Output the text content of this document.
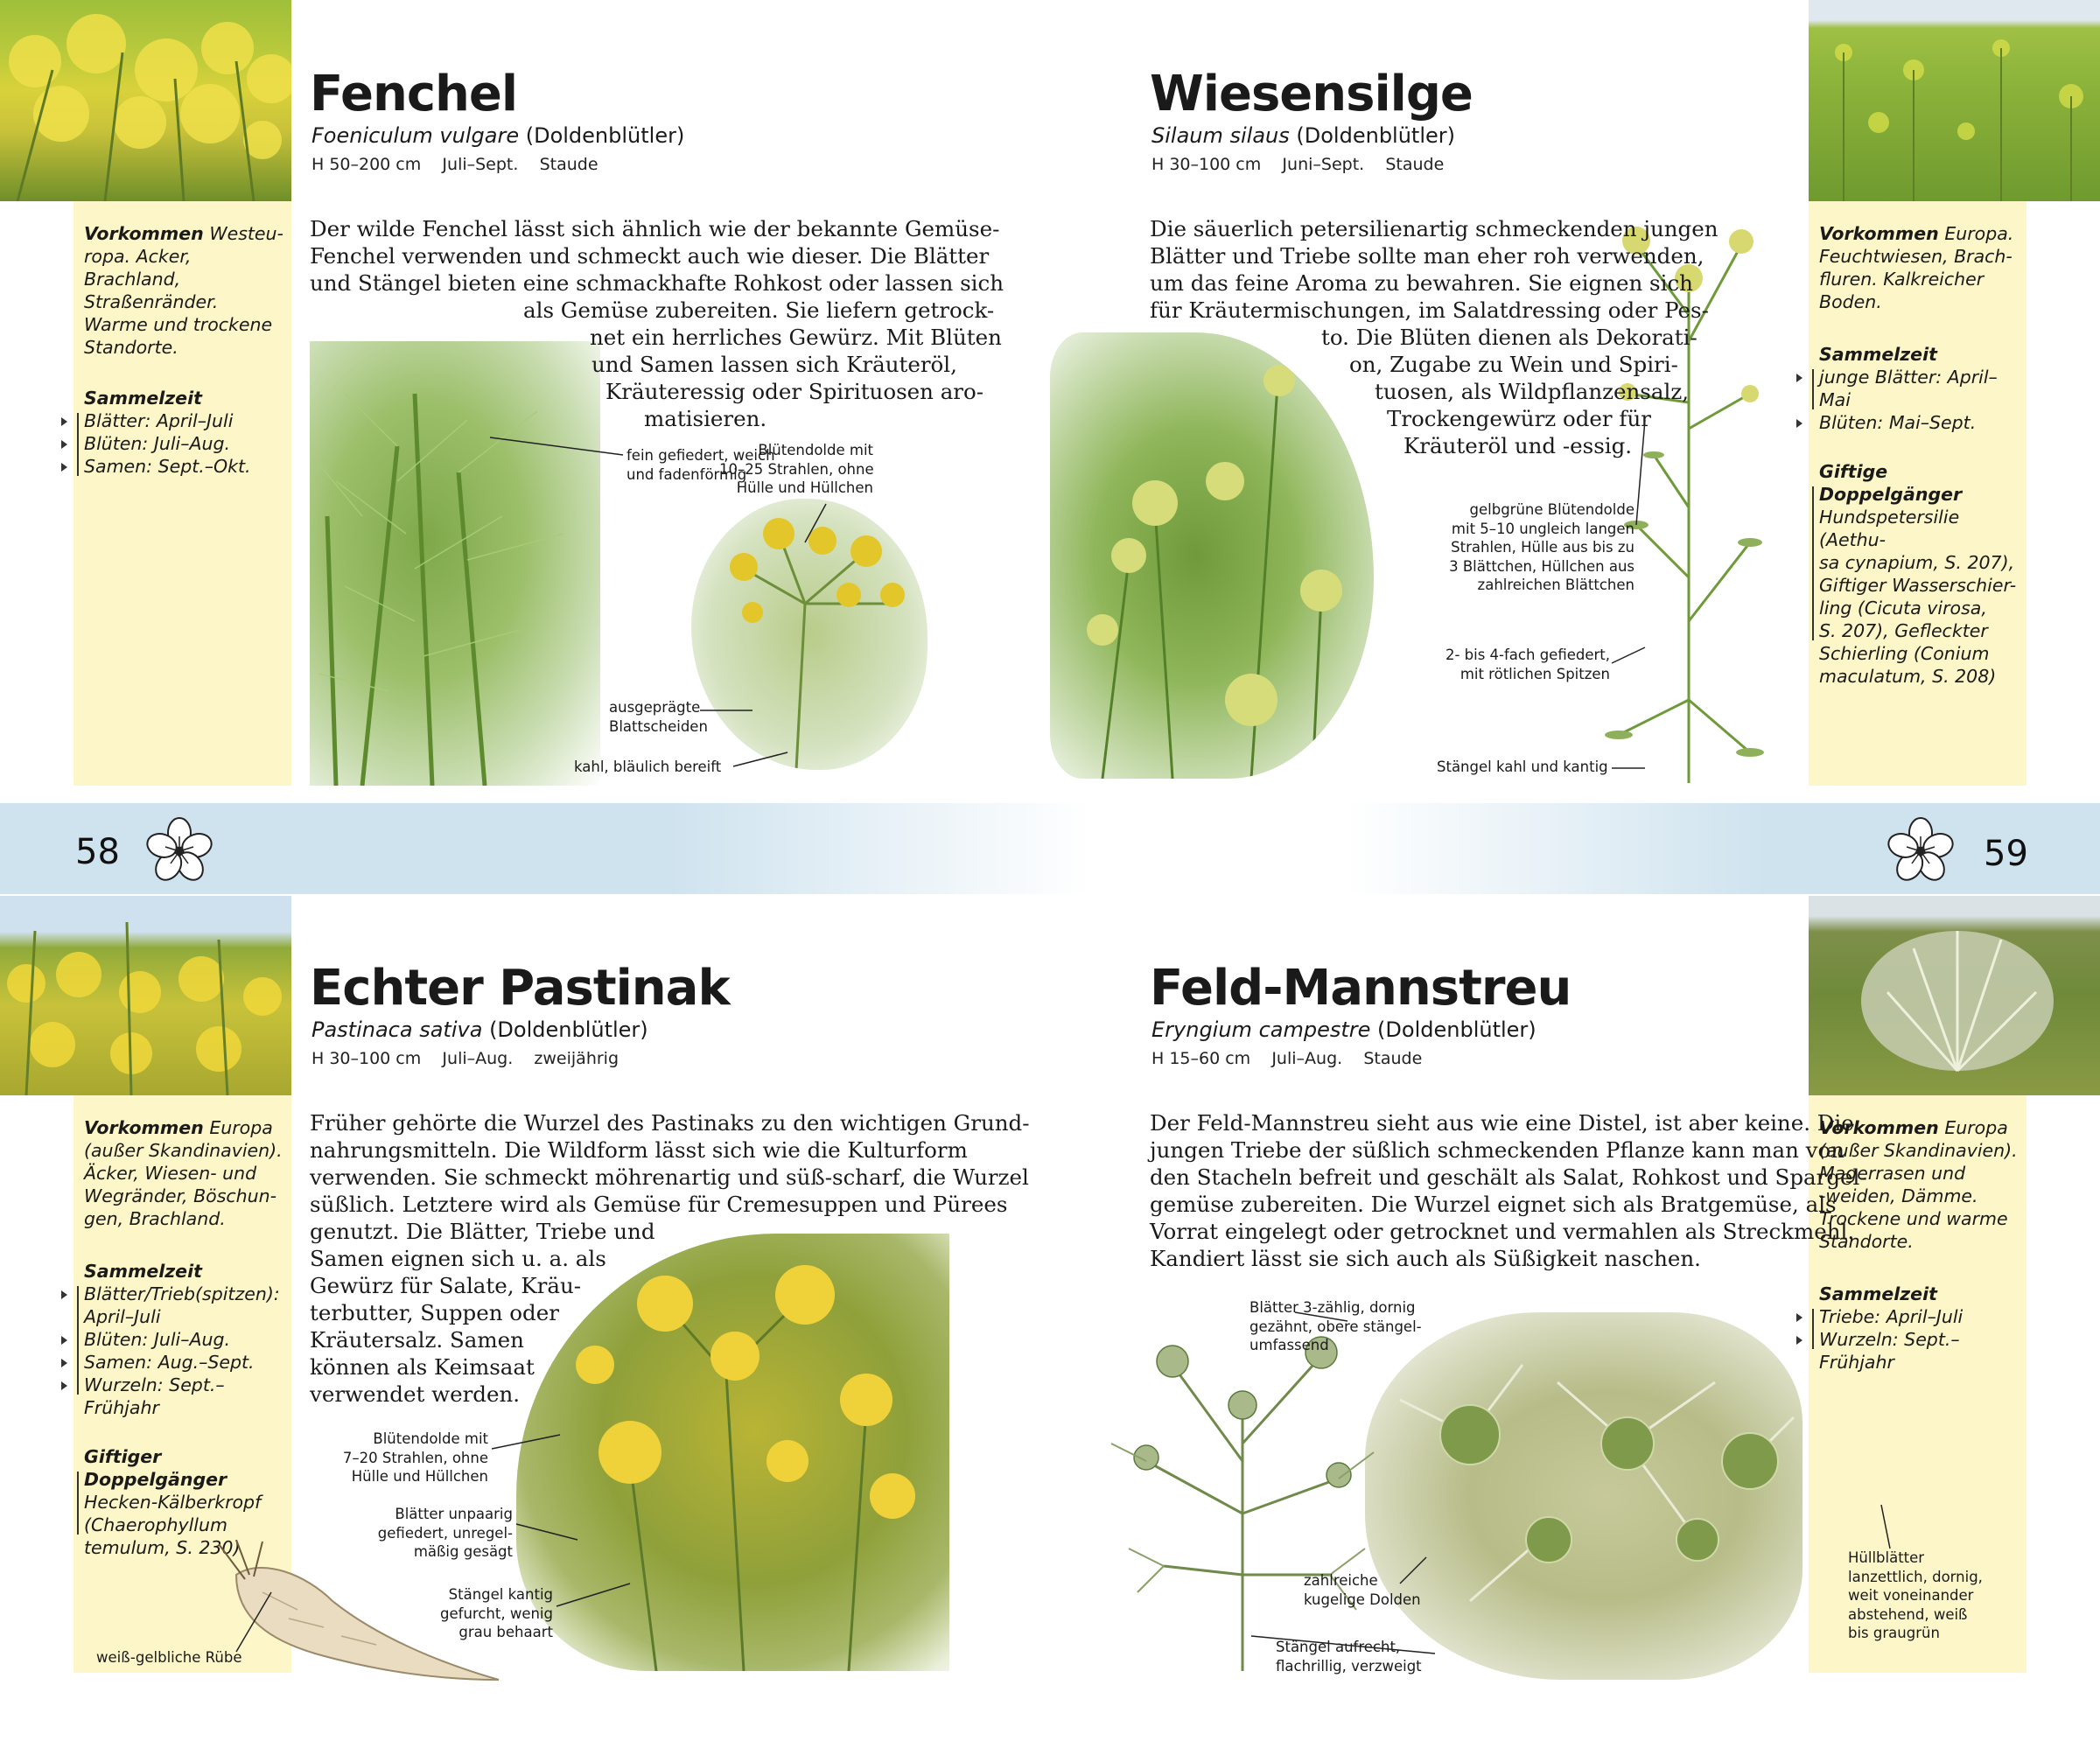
Vorkommen Westeu-
ropa. Acker, Brachland,
Straßenränder.
Warme und trockene
Standorte.
Sammelzeit
Blätter: April–Juli
Blüten: Juli–Aug.
Samen: Sept.–Okt.
Vorkommen Europa.
Feuchtwiesen, Brach-
fluren. Kalkreicher
Boden.
Sammelzeit
junge Blätter: April–Mai
Blüten: Mai–Sept.
Giftige Doppelgänger
Hundspetersilie (Aethu-
sa cynapium, S. 207),
Giftiger Wasserschier-
ling (Cicuta virosa,
S. 207), Gefleckter
Schierling (Conium
maculatum, S. 208)
Vorkommen Europa
(außer Skandinavien).
Äcker, Wiesen- und
Wegränder, Böschun-
gen, Brachland.
Sammelzeit
Blätter/Trieb(spitzen):
April–Juli
Blüten: Juli–Aug.
Samen: Aug.–Sept.
Wurzeln: Sept.–Frühjahr
Giftiger Doppelgänger
Hecken-Kälberkropf
(Chaerophyllum
temulum, S. 230)
Vorkommen Europa
(außer Skandinavien).
Magerrasen und
-weiden, Dämme.
Trockene und warme
Standorte.
Sammelzeit
Triebe: April–Juli
Wurzeln: Sept.–Frühjahr
58	59
Fenchel
Foeniculum vulgare (Doldenblütler)
H 50–200 cm    Juli–Sept.    Staude
Der wilde Fenchel lässt sich ähnlich wie der bekannte Gemüse-
Fenchel verwenden und schmeckt auch wie dieser. Die Blätter
und Stängel bieten eine schmackhafte Rohkost oder lassen sich
als Gemüse zubereiten. Sie liefern getrock-
net ein herrliches Gewürz. Mit Blüten
und Samen lassen sich Kräuteröl,
Kräuteressig oder Spirituosen aro-
matisieren.
fein gefiedert, weich
und fadenförmig
Blütendolde mit
10–25 Strahlen, ohne
Hülle und Hüllchen
ausgeprägte
Blattscheiden
kahl, bläulich bereift
Wiesensilge
Silaum silaus (Doldenblütler)
H 30–100 cm    Juni–Sept.    Staude
Die säuerlich petersilienartig schmeckenden jungen
Blätter und Triebe sollte man eher roh verwenden,
um das feine Aroma zu bewahren. Sie eignen sich
für Kräutermischungen, im Salatdressing oder Pes-
to. Die Blüten dienen als Dekorati-
on, Zugabe zu Wein und Spiri-
tuosen, als Wildpflanzensalz,
Trockengewürz oder für
Kräuteröl und -essig.
gelbgrüne Blütendolde
mit 5–10 ungleich langen
Strahlen, Hülle aus bis zu
3 Blättchen, Hüllchen aus
zahlreichen Blättchen
2- bis 4-fach gefiedert,
mit rötlichen Spitzen
Stängel kahl und kantig
Echter Pastinak
Pastinaca sativa (Doldenblütler)
H 30–100 cm    Juli–Aug.    zweijährig
Früher gehörte die Wurzel des Pastinaks zu den wichtigen Grund-
nahrungsmitteln. Die Wildform lässt sich wie die Kulturform
verwenden. Sie schmeckt möhrenartig und süß-scharf, die Wurzel
süßlich. Letztere wird als Gemüse für Cremesuppen und Pürees
genutzt. Die Blätter, Triebe und
Samen eignen sich u. a. als
Gewürz für Salate, Kräu-
terbutter, Suppen oder
Kräutersalz. Samen
können als Keimsaat
verwendet werden.
Blütendolde mit
7–20 Strahlen, ohne
Hülle und Hüllchen
Blätter unpaarig
gefiedert, unregel-
mäßig gesägt
Stängel kantig
gefurcht, wenig
grau behaart
weiß-gelbliche Rübe
Feld-Mannstreu
Eryngium campestre (Doldenblütler)
H 15–60 cm    Juli–Aug.    Staude
Der Feld-Mannstreu sieht aus wie eine Distel, ist aber keine. Die
jungen Triebe der süßlich schmeckenden Pflanze kann man von
den Stacheln befreit und geschält als Salat, Rohkost und Spargel-
gemüse zubereiten. Die Wurzel eignet sich als Bratgemüse, als
Vorrat eingelegt oder getrocknet und vermahlen als Streckmehl.
Kandiert lässt sie sich auch als Süßigkeit naschen.
Blätter 3-zählig, dornig
gezähnt, obere stängel-
umfassend
zahlreiche
kugelige Dolden
Stängel aufrecht,
flachrillig, verzweigt
Hüllblätter
lanzettlich, dornig,
weit voneinander
abstehend, weiß
bis graugrün
